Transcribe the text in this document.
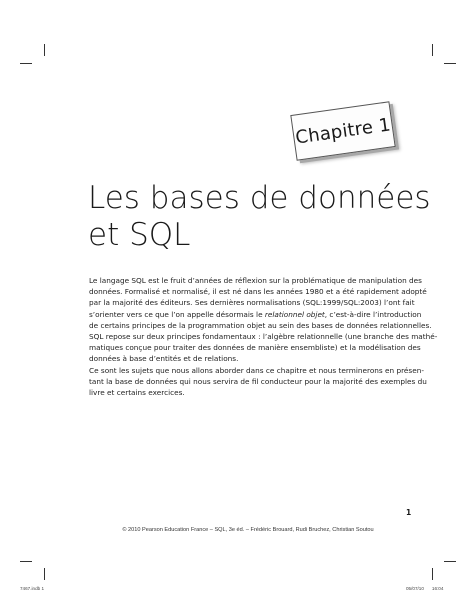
Chapitre 1
Les bases de données
et SQL
Le langage SQL est le fruit d’années de réflexion sur la problématique de manipulation des
données. Formalisé et normalisé, il est né dans les années 1980 et a été rapidement adopté
par la majorité des éditeurs. Ses dernières normalisations (SQL:1999/SQL:2003) l’ont fait
s’orienter vers ce que l’on appelle désormais le relationnel objet, c’est-à-dire l’introduction
de certains principes de la programmation objet au sein des bases de données relationnelles.
SQL repose sur deux principes fondamentaux : l’algèbre relationnelle (une branche des mathé-
matiques conçue pour traiter des données de manière ensembliste) et la modélisation des
données à base d’entités et de relations.
Ce sont les sujets que nous allons aborder dans ce chapitre et nous terminerons en présen-
tant la base de données qui nous servira de fil conducteur pour la majorité des exemples du
livre et certains exercices.
1
© 2010 Pearson Education France – SQL, 3e éd. – Frédéric Brouard, Rudi Bruchez, Christian Soutou
7467.indb 1	05/07/10 16:04
